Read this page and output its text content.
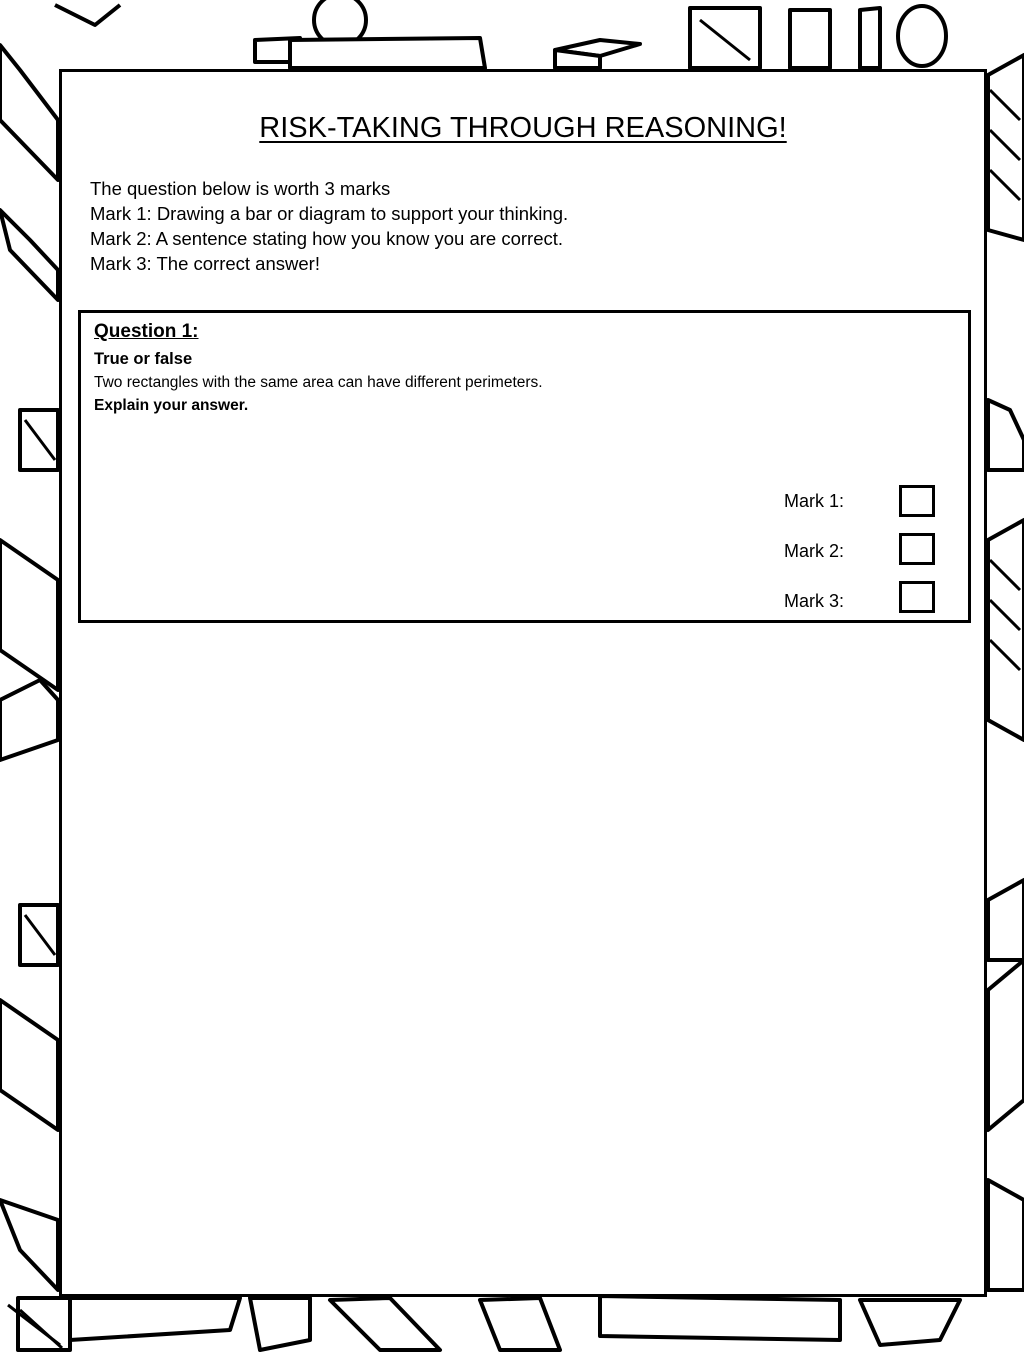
RISK-TAKING THROUGH REASONING!
The question below is worth 3 marks
Mark 1: Drawing a bar or diagram to support your thinking.
Mark 2: A sentence stating how you know you are correct.
Mark 3: The correct answer!
Question 1:
True or false
Two rectangles with the same area can have different perimeters.
Explain your answer.
Mark 1:
Mark 2:
Mark 3:
